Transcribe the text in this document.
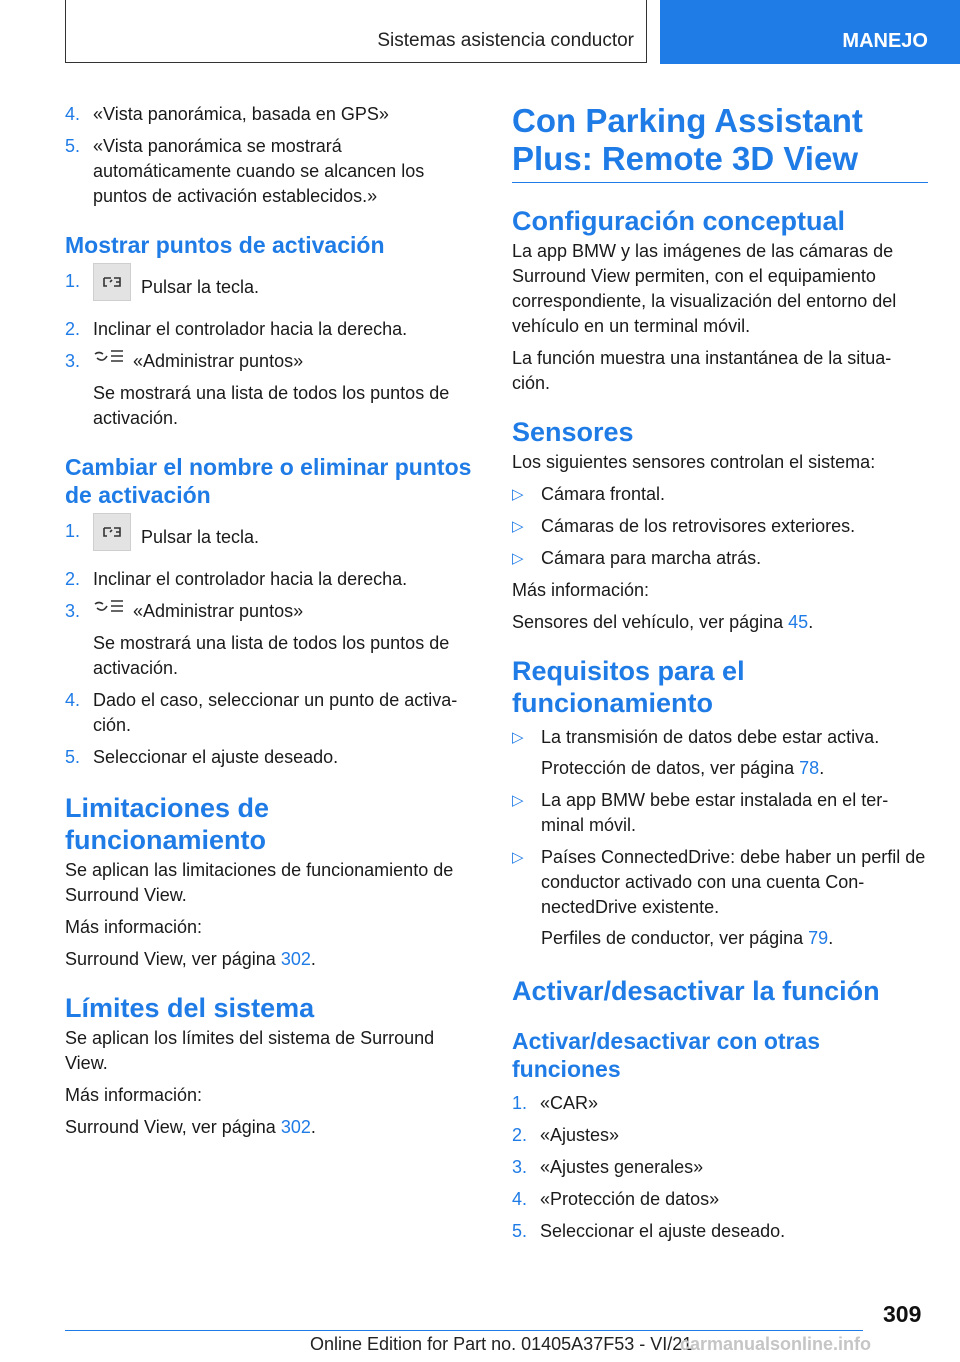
Sistemas asistencia conductor	MANEJO
4. «Vista panorámica, basada en GPS»
5. «Vista panorámica se mostrará automáticamente cuando se alcancen los puntos de activación establecidos.»
Mostrar puntos de activación
1.	Pulsar la tecla.
2. Inclinar el controlador hacia la derecha.
3.	«Administrar puntos»
Se mostrará una lista de todos los puntos de activación.
Cambiar el nombre o eliminar puntos de activación
1.	Pulsar la tecla.
2. Inclinar el controlador hacia la derecha.
3.	«Administrar puntos»
Se mostrará una lista de todos los puntos de activación.
4. Dado el caso, seleccionar un punto de activa‐ción.
5. Seleccionar el ajuste deseado.
Limitaciones de funcionamiento

Se aplican las limitaciones de funcionamiento de Surround View.

Más información:

Surround View, ver página 302.

Límites del sistema

Se aplican los límites del sistema de Surround View.

Más información:

Surround View, ver página 302.

Con Parking Assistant Plus: Remote 3D View
Configuración conceptual

La app BMW y las imágenes de las cámaras de Surround View permiten, con el equipamiento correspondiente, la visualización del entorno del vehículo en un terminal móvil.

La función muestra una instantánea de la situa‐ción.

Sensores

Los siguientes sensores controlan el sistema:

▷ Cámara frontal.
▷ Cámaras de los retrovisores exteriores.
▷ Cámara para marcha atrás.

Más información:

Sensores del vehículo, ver página 45.

Requisitos para el funcionamiento
▷ La transmisión de datos debe estar activa.
Protección de datos, ver página 78.
▷ La app BMW bebe estar instalada en el ter‐minal móvil.
▷ Países ConnectedDrive: debe haber un perfil de conductor activado con una cuenta Con‐nectedDrive existente.
Perfiles de conductor, ver página 79.
Activar/desactivar la función
Activar/desactivar con otras funciones
1. «CAR»
2. «Ajustes»
3. «Ajustes generales»
4. «Protección de datos»
5. Seleccionar el ajuste deseado.
309
Online Edition for Part no. 01405A37F53 - VI/21
carmanualsonline.info
